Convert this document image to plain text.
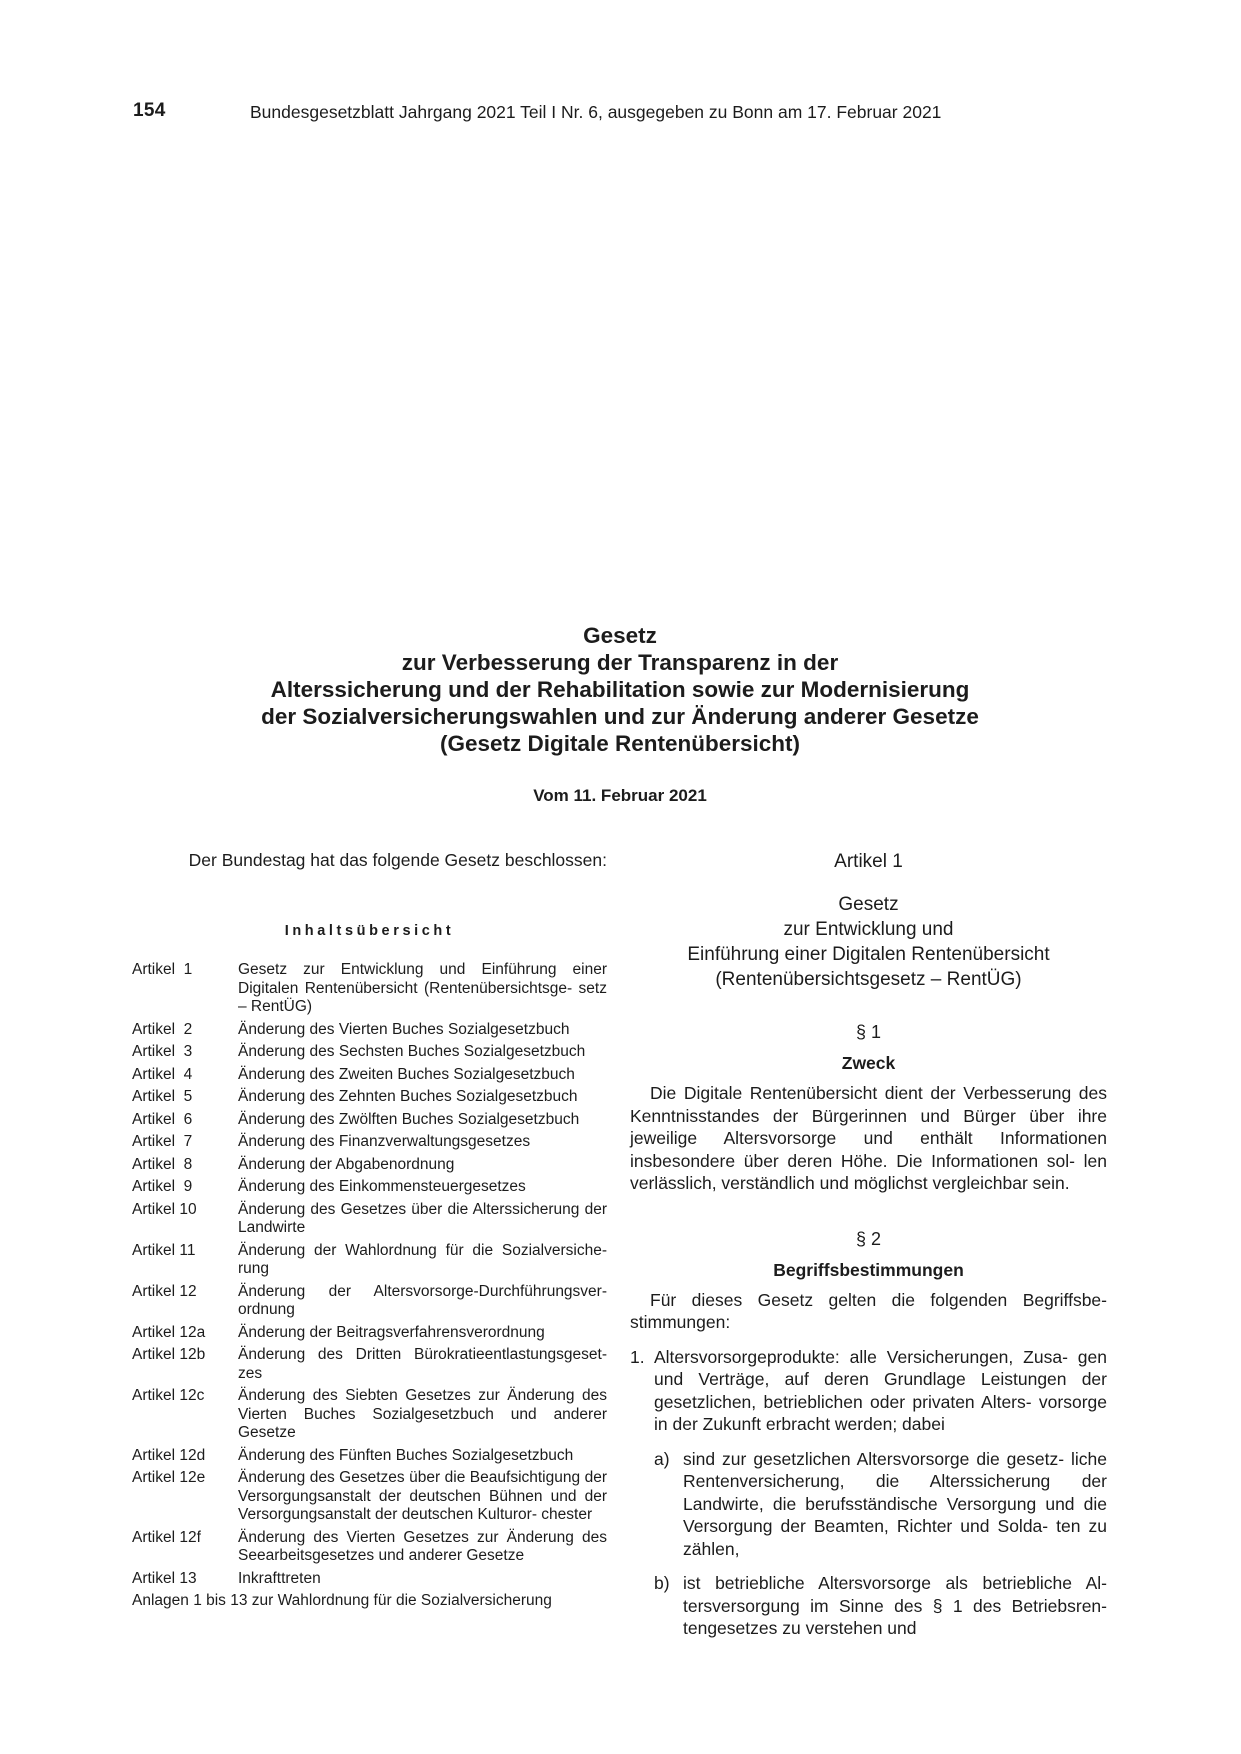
154	Bundesgesetzblatt Jahrgang 2021 Teil I Nr. 6, ausgegeben zu Bonn am 17. Februar 2021
Gesetz
zur Verbesserung der Transparenz in der
Alterssicherung und der Rehabilitation sowie zur Modernisierung
der Sozialversicherungswahlen und zur Änderung anderer Gesetze
(Gesetz Digitale Rentenübersicht)
Vom 11. Februar 2021

Der Bundestag hat das folgende Gesetz beschlossen:

Inhaltsübersicht
Artikel  1	Gesetz zur Entwicklung und Einführung einer Digitalen Rentenübersicht (Rentenübersichtsge- setz – RentÜG)
Artikel  2	Änderung des Vierten Buches Sozialgesetzbuch
Artikel  3	Änderung des Sechsten Buches Sozialgesetzbuch
Artikel  4	Änderung des Zweiten Buches Sozialgesetzbuch
Artikel  5	Änderung des Zehnten Buches Sozialgesetzbuch
Artikel  6	Änderung des Zwölften Buches Sozialgesetzbuch
Artikel  7	Änderung des Finanzverwaltungsgesetzes
Artikel  8	Änderung der Abgabenordnung
Artikel  9	Änderung des Einkommensteuergesetzes
Artikel 10	Änderung des Gesetzes über die Alterssicherung der Landwirte
Artikel 11	Änderung der Wahlordnung für die Sozialversiche- rung
Artikel 12	Änderung der Altersvorsorge-Durchführungsver- ordnung
Artikel 12a	Änderung der Beitragsverfahrensverordnung
Artikel 12b	Änderung des Dritten Bürokratieentlastungsgeset- zes
Artikel 12c	Änderung des Siebten Gesetzes zur Änderung des Vierten Buches Sozialgesetzbuch und anderer Gesetze
Artikel 12d	Änderung des Fünften Buches Sozialgesetzbuch
Artikel 12e	Änderung des Gesetzes über die Beaufsichtigung der Versorgungsanstalt der deutschen Bühnen und der Versorgungsanstalt der deutschen Kulturor- chester
Artikel 12f	Änderung des Vierten Gesetzes zur Änderung des Seearbeitsgesetzes und anderer Gesetze
Artikel 13	Inkrafttreten
Anlagen 1 bis 13 zur Wahlordnung für die Sozialversicherung

Artikel 1

Gesetz
zur Entwicklung und
Einführung einer Digitalen Rentenübersicht
(Rentenübersichtsgesetz – RentÜG)
§ 1
Zweck
Die Digitale Rentenübersicht dient der Verbesserung des Kenntnisstandes der Bürgerinnen und Bürger über ihre jeweilige Altersvorsorge und enthält Informationen insbesondere über deren Höhe. Die Informationen sol- len verlässlich, verständlich und möglichst vergleichbar sein.
§ 2
Begriffsbestimmungen
Für dieses Gesetz gelten die folgenden Begriffsbe- stimmungen:
1. Altersvorsorgeprodukte: alle Versicherungen, Zusa- gen und Verträge, auf deren Grundlage Leistungen der gesetzlichen, betrieblichen oder privaten Alters- vorsorge in der Zukunft erbracht werden; dabei
a) sind zur gesetzlichen Altersvorsorge die gesetz- liche Rentenversicherung, die Alterssicherung der Landwirte, die berufsständische Versorgung und die Versorgung der Beamten, Richter und Solda- ten zu zählen,
b) ist betriebliche Altersvorsorge als betriebliche Al- tersversorgung im Sinne des § 1 des Betriebsren- tengesetzes zu verstehen und
